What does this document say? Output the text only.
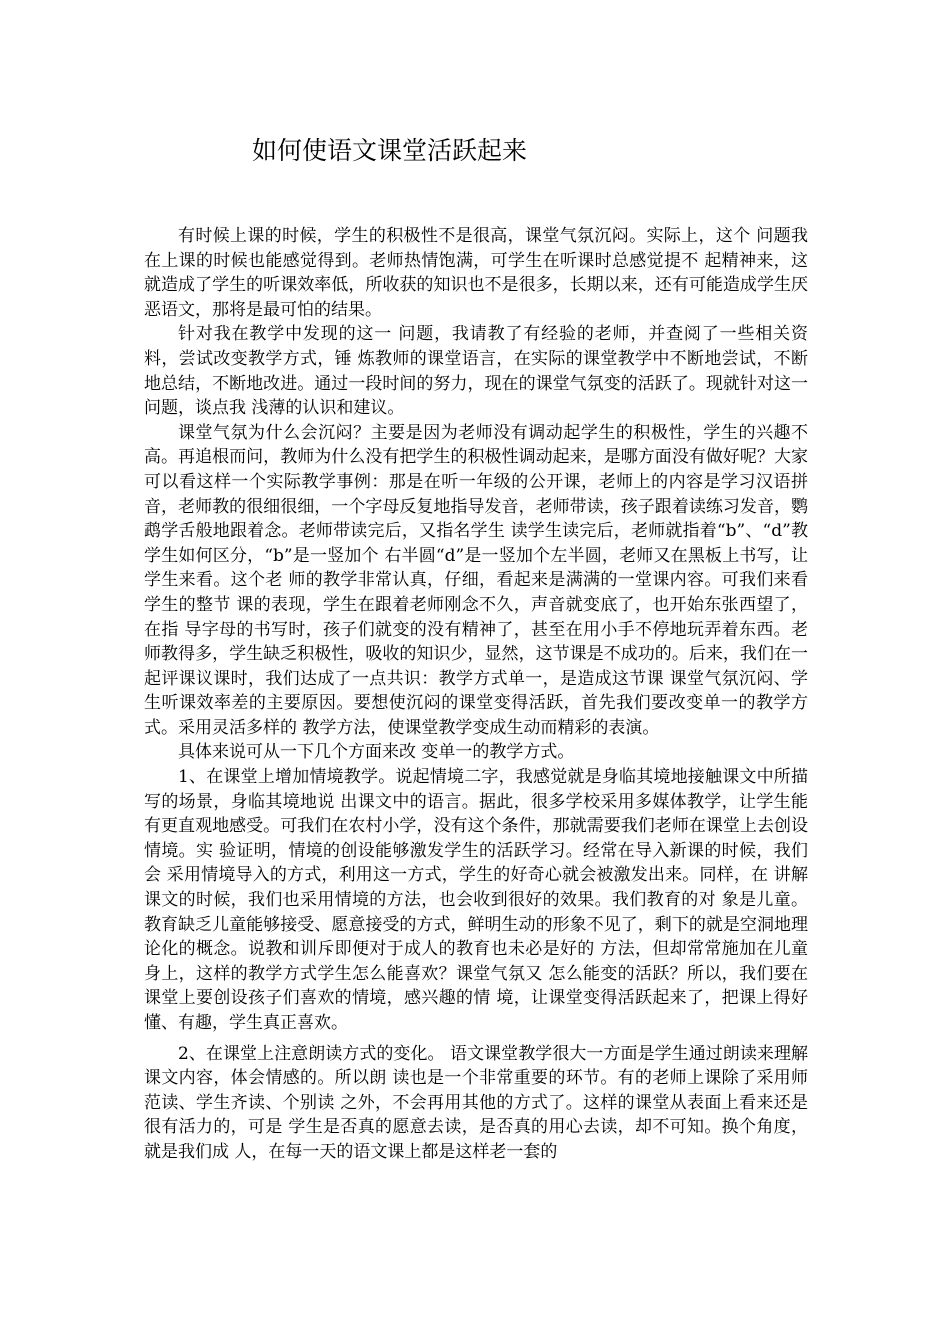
如何使语文课堂活跃起来

有时候上课的时候，学生的积极性不是很高，课堂气氛沉闷。实际上，这个 问题我在上课的时候也能感觉得到。老师热情饱满，可学生在听课时总感觉提不 起精神来，这就造成了学生的听课效率低，所收获的知识也不是很多，长期以来，还有可能造成学生厌恶语文，那将是最可怕的结果。

针对我在教学中发现的这一 问题，我请教了有经验的老师，并查阅了一些相关资料，尝试改变教学方式，锤 炼教师的课堂语言，在实际的课堂教学中不断地尝试，不断地总结，不断地改进。通过一段时间的努力，现在的课堂气氛变的活跃了。现就针对这一问题，谈点我 浅薄的认识和建议。

课堂气氛为什么会沉闷？主要是因为老师没有调动起学生的积极性，学生的兴趣不高。再追根而问，教师为什么没有把学生的积极性调动起来，是哪方面没有做好呢？大家可以看这样一个实际教学事例：那是在听一年级的公开课，老师上的内容是学习汉语拼音，老师教的很细很细，一个字母反复地指导发音，老师带读，孩子跟着读练习发音，鹦鹉学舌般地跟着念。老师带读完后，又指名学生 读学生读完后，老师就指着“b”、“d”教学生如何区分，“b”是一竖加个 右半圆“d”是一竖加个左半圆，老师又在黑板上书写，让学生来看。这个老 师的教学非常认真，仔细，看起来是满满的一堂课内容。可我们来看学生的整节 课的表现，学生在跟着老师刚念不久，声音就变底了，也开始东张西望了，在指 导字母的书写时，孩子们就变的没有精神了，甚至在用小手不停地玩弄着东西。老师教得多，学生缺乏积极性，吸收的知识少，显然，这节课是不成功的。后来，我们在一起评课议课时，我们达成了一点共识：教学方式单一，是造成这节课 课堂气氛沉闷、学生听课效率差的主要原因。要想使沉闷的课堂变得活跃，首先我们要改变单一的教学方式。采用灵活多样的 教学方法，使课堂教学变成生动而精彩的表演。

具体来说可从一下几个方面来改 变单一的教学方式。

1、在课堂上增加情境教学。说起情境二字，我感觉就是身临其境地接触课文中所描写的场景，身临其境地说 出课文中的语言。据此，很多学校采用多媒体教学，让学生能有更直观地感受。可我们在农村小学，没有这个条件，那就需要我们老师在课堂上去创设情境。实 验证明，情境的创设能够激发学生的活跃学习。经常在导入新课的时候，我们会 采用情境导入的方式，利用这一方式，学生的好奇心就会被激发出来。同样，在 讲解课文的时候，我们也采用情境的方法，也会收到很好的效果。我们教育的对 象是儿童。教育缺乏儿童能够接受、愿意接受的方式，鲜明生动的形象不见了，剩下的就是空洞地理论化的概念。说教和训斥即便对于成人的教育也未必是好的 方法，但却常常施加在儿童身上，这样的教学方式学生怎么能喜欢？课堂气氛又 怎么能变的活跃？所以，我们要在课堂上要创设孩子们喜欢的情境，感兴趣的情 境，让课堂变得活跃起来了，把课上得好懂、有趣，学生真正喜欢。

2、在课堂上注意朗读方式的变化。 语文课堂教学很大一方面是学生通过朗读来理解课文内容，体会情感的。所以朗 读也是一个非常重要的环节。有的老师上课除了采用师范读、学生齐读、个别读 之外，不会再用其他的方式了。这样的课堂从表面上看来还是很有活力的，可是 学生是否真的愿意去读，是否真的用心去读，却不可知。换个角度，就是我们成 人，在每一天的语文课上都是这样老一套的
